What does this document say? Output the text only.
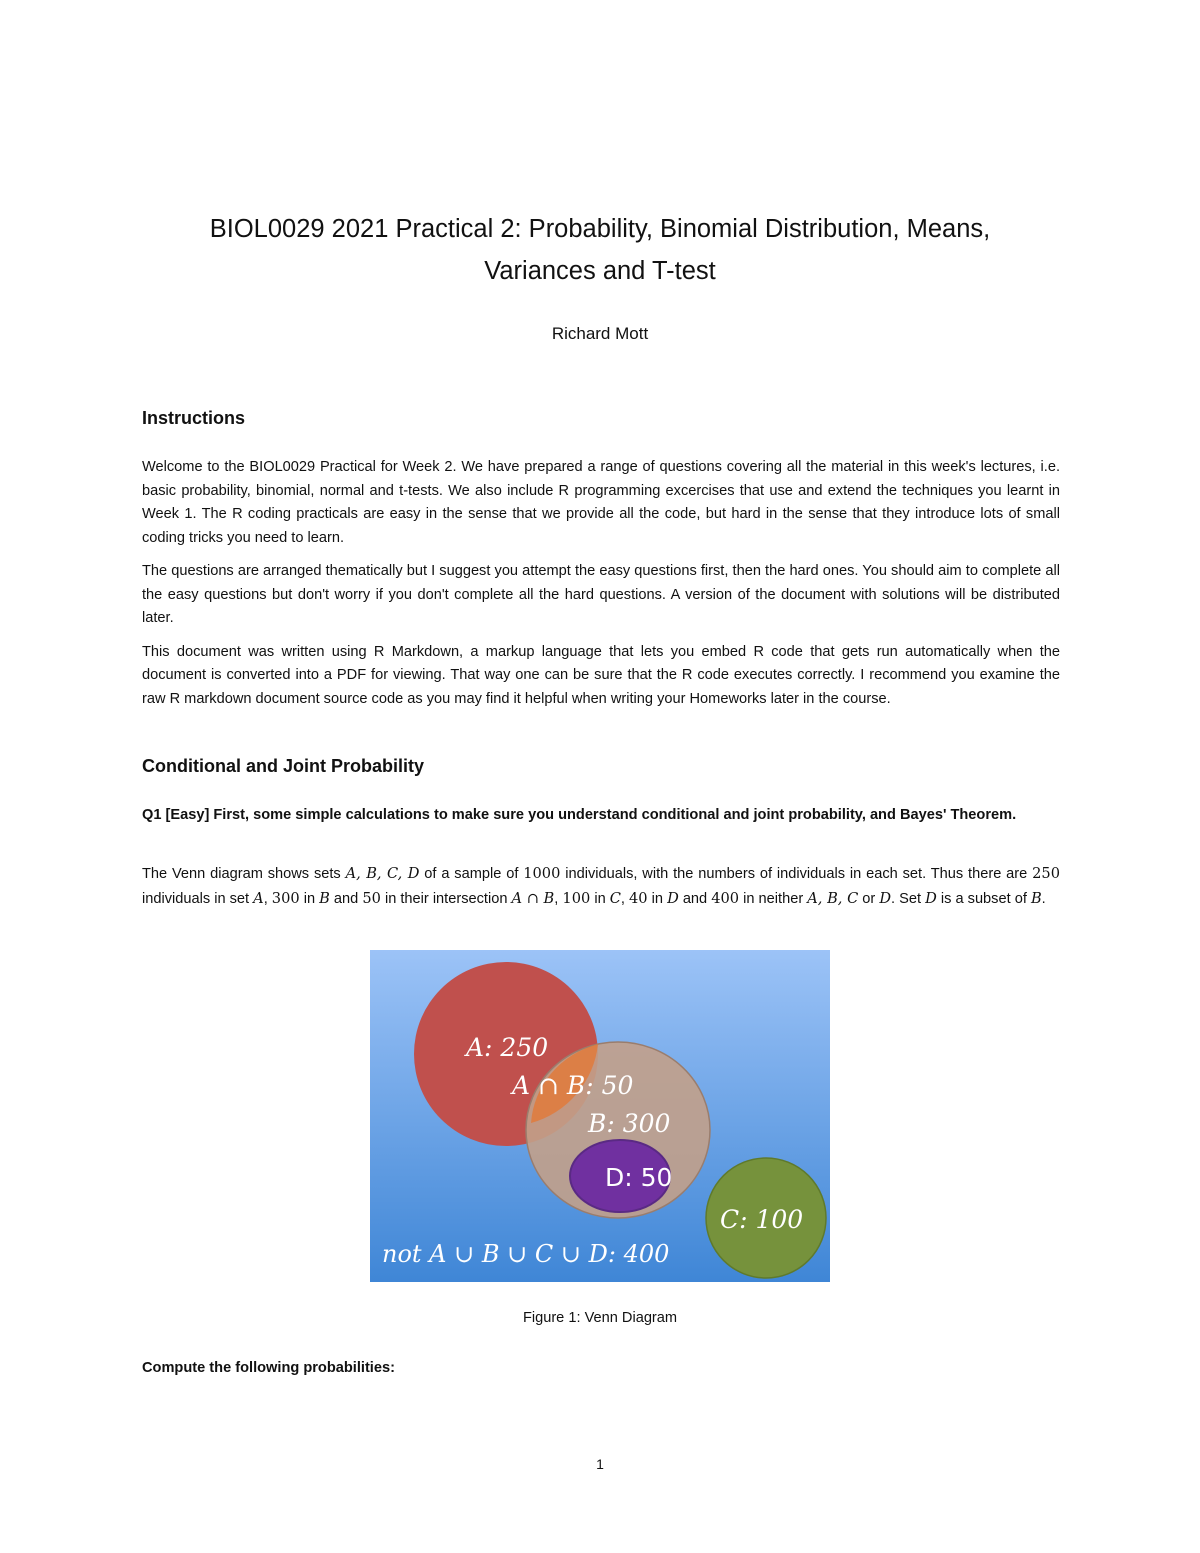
BIOL0029 2021 Practical 2: Probability, Binomial Distribution, Means,
Variances and T-test
Richard Mott
Instructions

Welcome to the BIOL0029 Practical for Week 2. We have prepared a range of questions covering all the material in this week's lectures, i.e. basic probability, binomial, normal and t-tests. We also include R programming excercises that use and extend the techniques you learnt in Week 1. The R coding practicals are easy in the sense that we provide all the code, but hard in the sense that they introduce lots of small coding tricks you need to learn.

The questions are arranged thematically but I suggest you attempt the easy questions first, then the hard ones. You should aim to complete all the easy questions but don't worry if you don't complete all the hard questions. A version of the document with solutions will be distributed later.

This document was written using R Markdown, a markup language that lets you embed R code that gets run automatically when the document is converted into a PDF for viewing. That way one can be sure that the R code executes correctly. I recommend you examine the raw R markdown document source code as you may find it helpful when writing your Homeworks later in the course.

Conditional and Joint Probability
Q1 [Easy] First, some simple calculations to make sure you understand conditional and joint probability, and Bayes' Theorem.

The Venn diagram shows sets A, B, C, D of a sample of 1000 individuals, with the numbers of individuals in each set. Thus there are 250 individuals in set A, 300 in B and 50 in their intersection A ∩ B, 100 in C, 40 in D and 400 in neither A, B, C or D. Set D is a subset of B.

A: 250
A ∩ B: 50
B: 300
D: 50
C: 100
not A ∪ B ∪ C ∪ D: 400
Figure 1: Venn Diagram
Compute the following probabilities:
1
